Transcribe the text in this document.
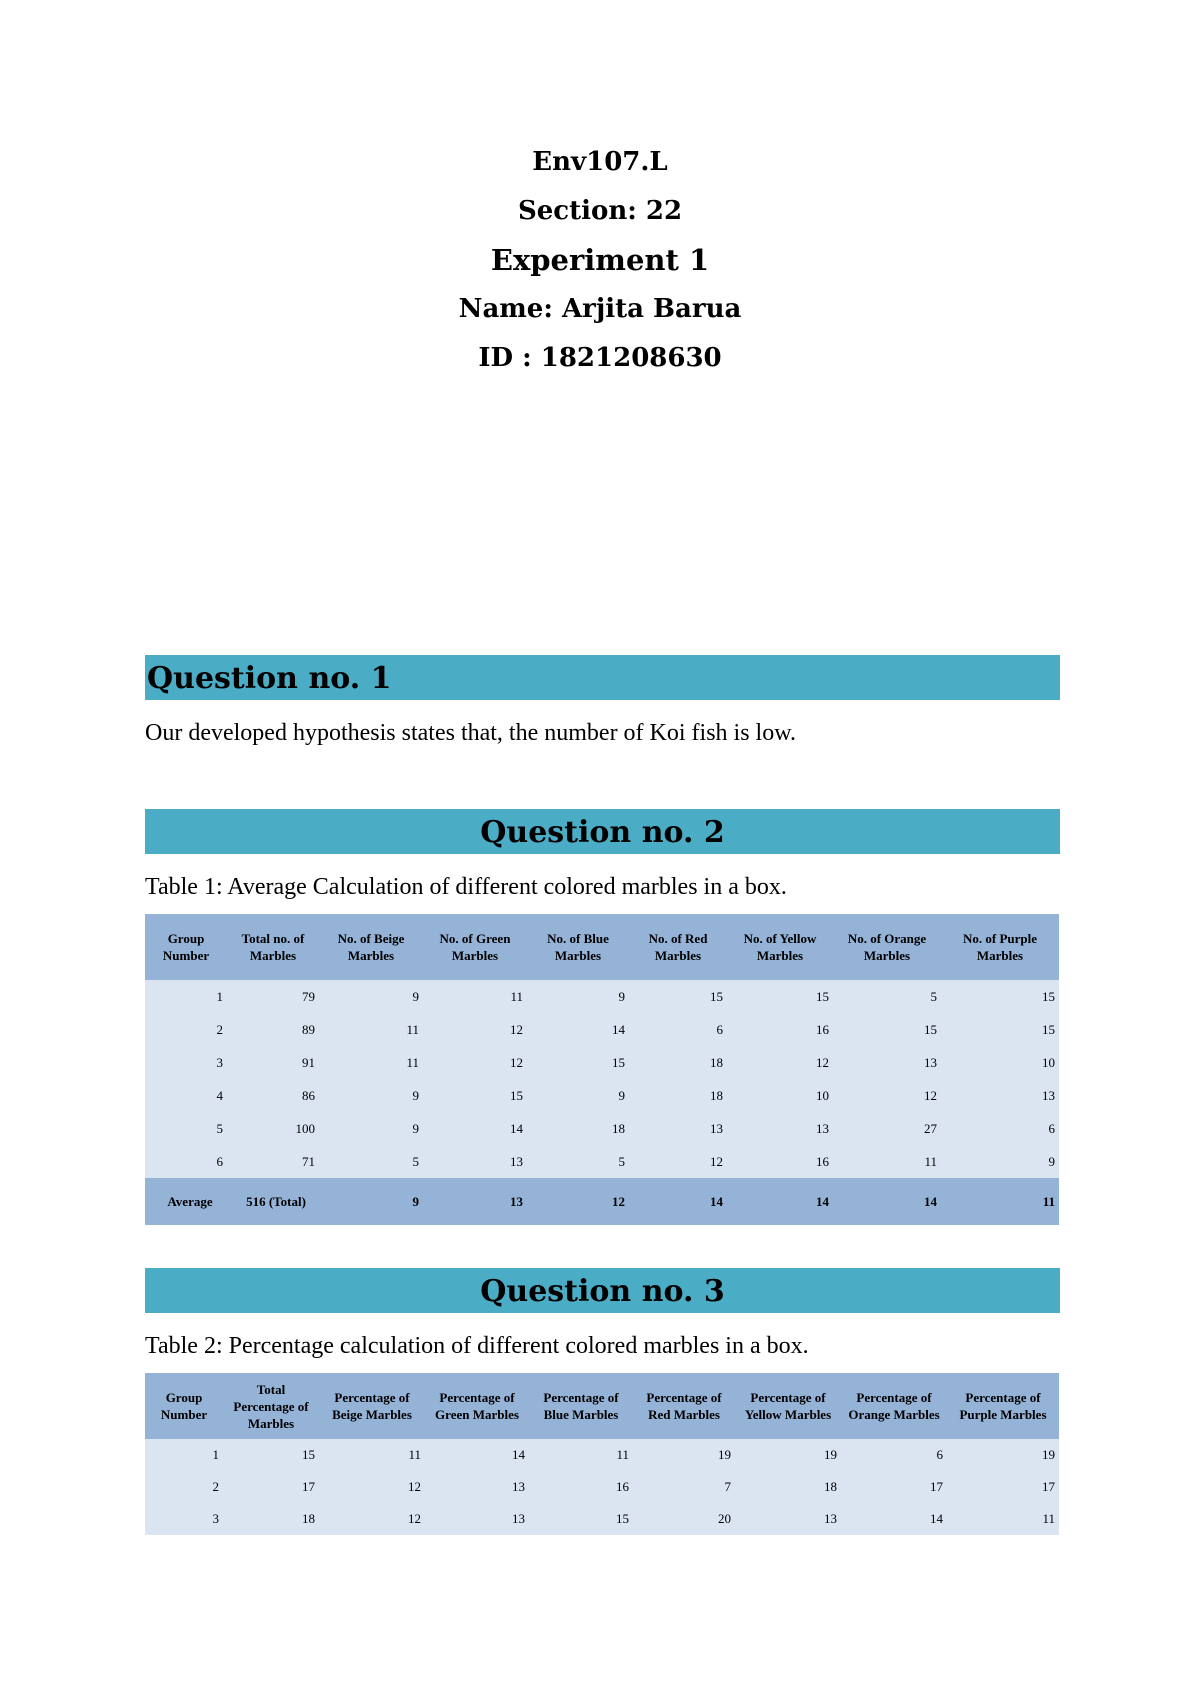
Env107.L
Section: 22
Experiment 1
Name: Arjita Barua
ID : 1821208630
Question no. 1
Our developed hypothesis states that, the number of Koi fish is low.
Question no. 2
Table 1: Average Calculation of different colored marbles in a box.
Group Number	Total no. of Marbles	No. of Beige Marbles	No. of Green Marbles	No. of Blue Marbles	No. of Red Marbles	No. of Yellow Marbles	No. of Orange Marbles	No. of Purple Marbles
1	79	9	11	9	15	15	5	15
2	89	11	12	14	6	16	15	15
3	91	11	12	15	18	12	13	10
4	86	9	15	9	18	10	12	13
5	100	9	14	18	13	13	27	6
6	71	5	13	5	12	16	11	9
Average	516 (Total)	9	13	12	14	14	14	11
Question no. 3
Table 2: Percentage calculation of different colored marbles in a box.
Group Number	Total Percentage of Marbles	Percentage of Beige Marbles	Percentage of Green Marbles	Percentage of Blue Marbles	Percentage of Red Marbles	Percentage of Yellow Marbles	Percentage of Orange Marbles	Percentage of Purple Marbles
1	15	11	14	11	19	19	6	19
2	17	12	13	16	7	18	17	17
3	18	12	13	15	20	13	14	11
